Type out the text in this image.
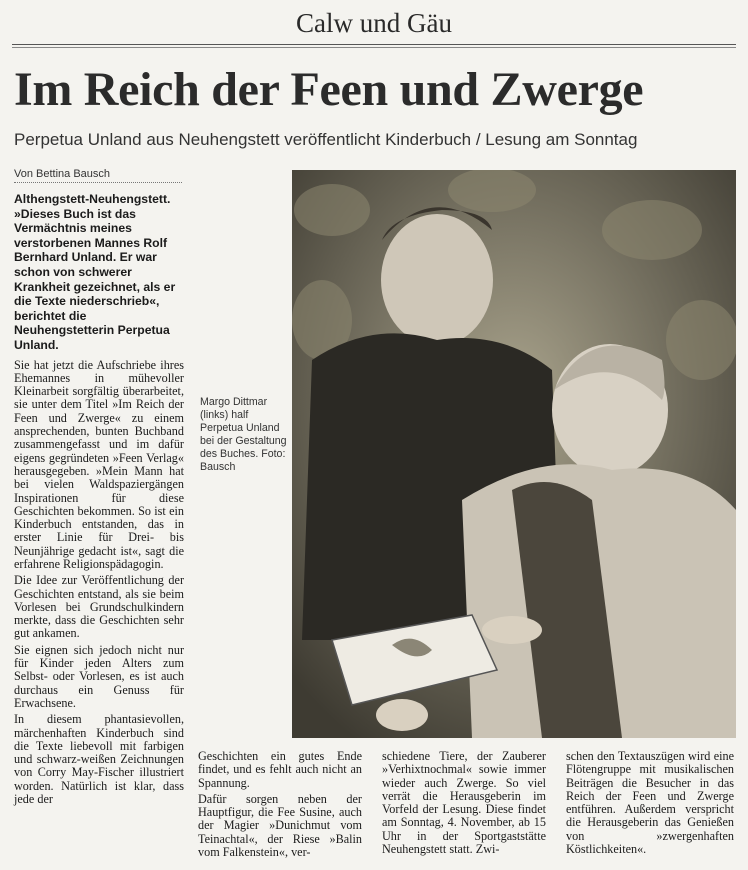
Calw und Gäu
Im Reich der Feen und Zwerge
Perpetua Unland aus Neuhengstett veröffentlicht Kinderbuch / Lesung am Sonntag
Von Bettina Bausch

Althengstett-Neuhengstett. »Dieses Buch ist das Vermächtnis meines verstorbenen Mannes Rolf Bernhard Unland. Er war schon von schwerer Krankheit gezeichnet, als er die Texte niederschrieb«, berichtet die Neuhengstetterin Perpetua Unland.

Sie hat jetzt die Aufschriebe ihres Ehemannes in mühevoller Kleinarbeit sorgfältig überarbeitet, sie unter dem Titel »Im Reich der Feen und Zwerge« zu einem ansprechenden, bunten Buchband zusammengefasst und im dafür eigens gegründeten »Feen Verlag« herausgegeben. »Mein Mann hat bei vielen Waldspaziergängen Inspirationen für diese Geschichten bekommen. So ist ein Kinderbuch entstanden, das in erster Linie für Drei- bis Neunjährige gedacht ist«, sagt die erfahrene Religionspädagogin.

Die Idee zur Veröffentlichung der Geschichten entstand, als sie beim Vorlesen bei Grundschulkindern merkte, dass die Geschichten sehr gut ankamen.

Sie eignen sich jedoch nicht nur für Kinder jeden Alters zum Selbst- oder Vorlesen, es ist auch durchaus ein Genuss für Erwachsene.

In diesem phantasievollen, märchenhaften Kinderbuch sind die Texte liebevoll mit farbigen und schwarz-weißen Zeichnungen von Corry May-Fischer illustriert worden. Natürlich ist klar, dass jede der

Margo Dittmar (links) half Perpetua Unland bei der Gestaltung des Buches. Foto: Bausch

Geschichten ein gutes Ende findet, und es fehlt auch nicht an Spannung.

Dafür sorgen neben der Hauptfigur, die Fee Susine, auch der Magier »Dunichmut vom Teinachtal«, der Riese »Balin vom Falkenstein«, ver-

schiedene Tiere, der Zauberer »Verhixtnochmal« sowie immer wieder auch Zwerge. So viel verrät die Herausgeberin im Vorfeld der Lesung. Diese findet am Sonntag, 4. November, ab 15 Uhr in der Sportgaststätte Neuhengstett statt. Zwi-

schen den Textauszügen wird eine Flötengruppe mit musikalischen Beiträgen die Besucher in das Reich der Feen und Zwerge entführen. Außerdem verspricht die Herausgeberin das Genießen von »zwergenhaften Köstlichkeiten«.
